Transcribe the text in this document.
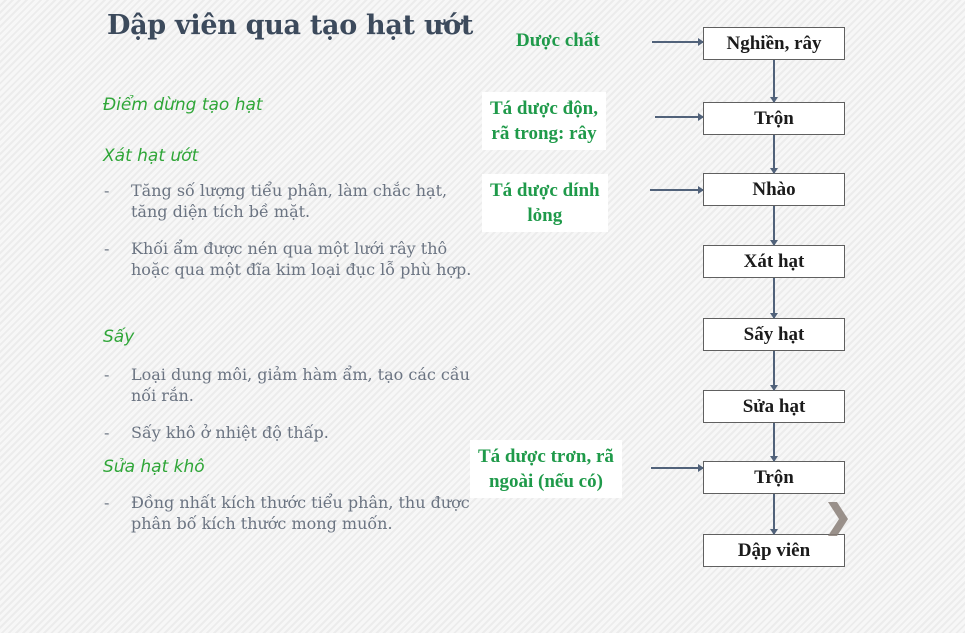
Dập viên qua tạo hạt ướt
Điểm dừng tạo hạt
Xát hạt ướt
- Tăng số lượng tiểu phân, làm chắc hạt, tăng diện tích bề mặt.
- Khối ẩm được nén qua một lưới rây thô hoặc qua một đĩa kim loại đục lỗ phù hợp.
Sấy
- Loại dung môi, giảm hàm ẩm, tạo các cầu nối rắn.
- Sấy khô ở nhiệt độ thấp.
Sửa hạt khô
- Đồng nhất kích thước tiểu phân, thu được phân bố kích thước mong muốn.
Dược chất
Tá dược độn,
rã trong: rây
Tá dược dính
lỏng
Tá dược trơn, rã
ngoài (nếu có)
Nghiền, rây
Trộn
Nhào
Xát hạt
Sấy hạt
Sửa hạt
Trộn
Dập viên
